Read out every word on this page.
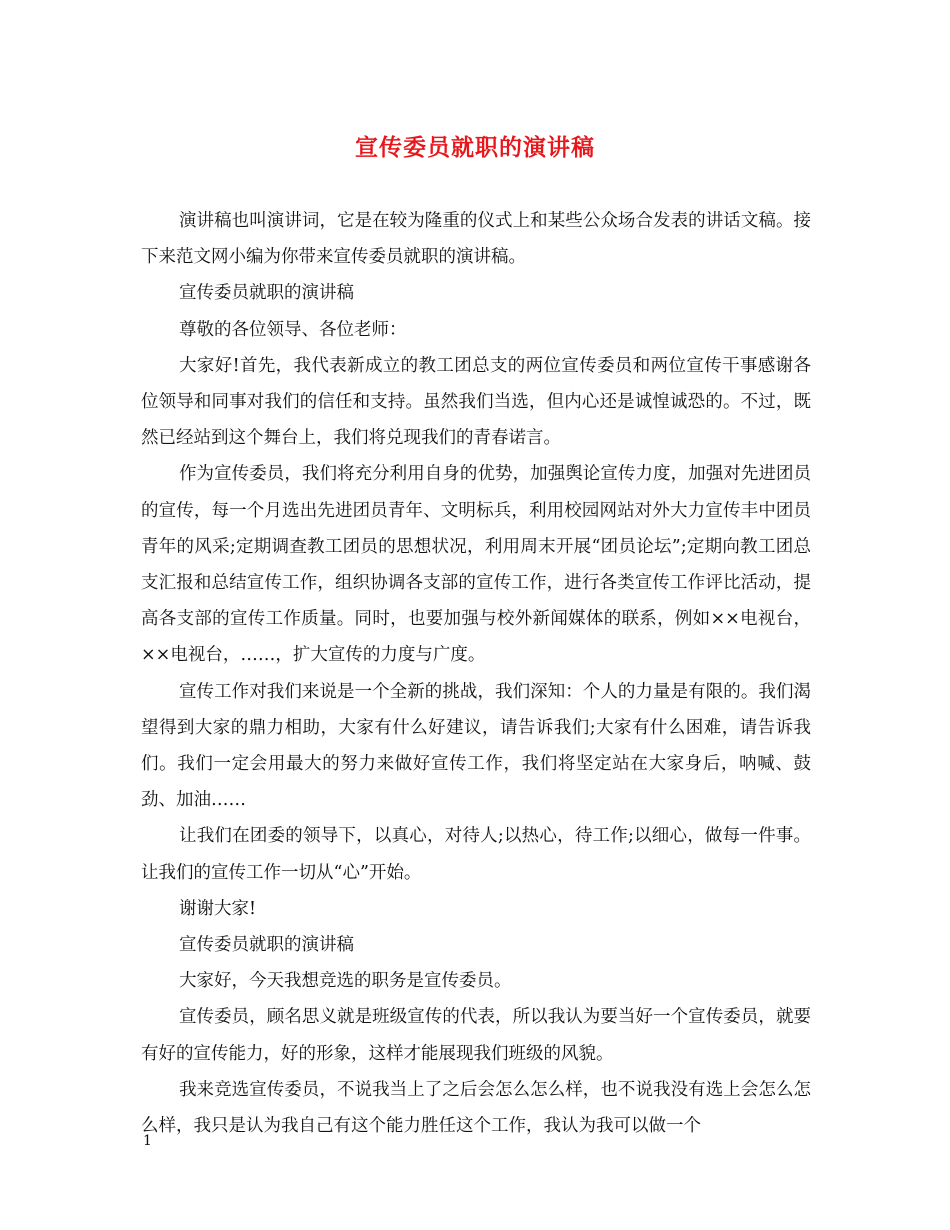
宣传委员就职的演讲稿

演讲稿也叫演讲词，它是在较为隆重的仪式上和某些公众场合发表的讲话文稿。接下来范文网小编为你带来宣传委员就职的演讲稿。

宣传委员就职的演讲稿

尊敬的各位领导、各位老师：

大家好!首先，我代表新成立的教工团总支的两位宣传委员和两位宣传干事感谢各位领导和同事对我们的信任和支持。虽然我们当选，但内心还是诚惶诚恐的。不过，既然已经站到这个舞台上，我们将兑现我们的青春诺言。

作为宣传委员，我们将充分利用自身的优势，加强舆论宣传力度，加强对先进团员的宣传，每一个月选出先进团员青年、文明标兵，利用校园网站对外大力宣传丰中团员青年的风采;定期调查教工团员的思想状况，利用周末开展“团员论坛”;定期向教工团总支汇报和总结宣传工作，组织协调各支部的宣传工作，进行各类宣传工作评比活动，提高各支部的宣传工作质量。同时，也要加强与校外新闻媒体的联系，例如××电视台，××电视台，……，扩大宣传的力度与广度。

宣传工作对我们来说是一个全新的挑战，我们深知：个人的力量是有限的。我们渴望得到大家的鼎力相助，大家有什么好建议，请告诉我们;大家有什么困难，请告诉我们。我们一定会用最大的努力来做好宣传工作，我们将坚定站在大家身后，呐喊、鼓劲、加油……

让我们在团委的领导下，以真心，对待人;以热心，待工作;以细心，做每一件事。让我们的宣传工作一切从“心”开始。

谢谢大家!

宣传委员就职的演讲稿

大家好，今天我想竞选的职务是宣传委员。

宣传委员，顾名思义就是班级宣传的代表，所以我认为要当好一个宣传委员，就要有好的宣传能力，好的形象，这样才能展现我们班级的风貌。

我来竞选宣传委员，不说我当上了之后会怎么怎么样，也不说我没有选上会怎么怎么样，我只是认为我自己有这个能力胜任这个工作，我认为我可以做一个

1
